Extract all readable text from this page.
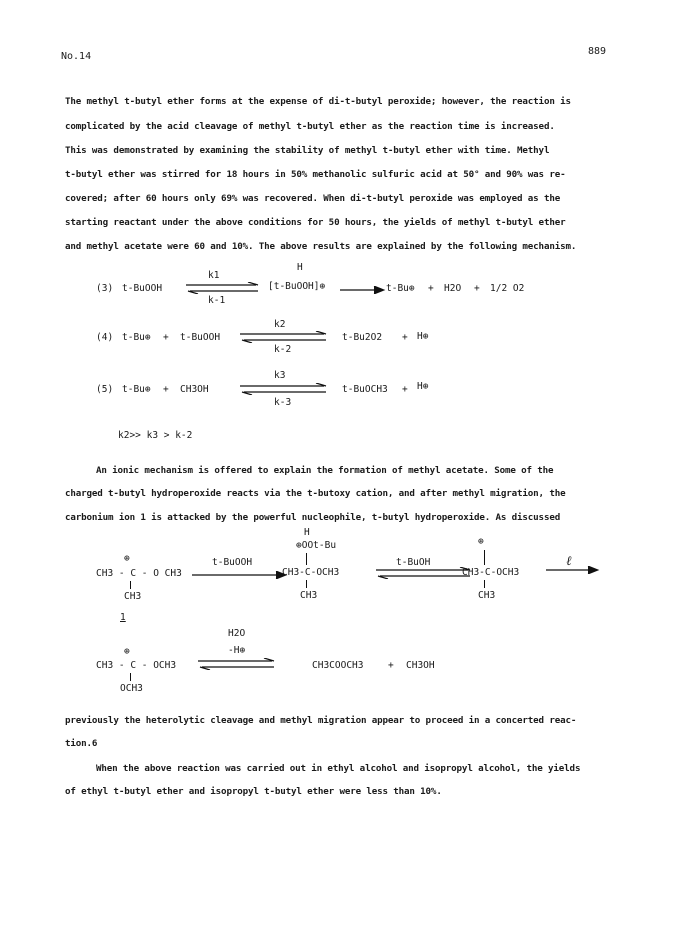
No.14	889
The methyl t-butyl ether forms at the expense of di-t-butyl peroxide; however, the reaction is
complicated by the acid cleavage of methyl t-butyl ether as the reaction time is increased.
This was demonstrated by examining the stability of methyl t-butyl ether with time. Methyl
t-butyl ether was stirred for 18 hours in 50% methanolic sulfuric acid at 50° and 90% was re-
covered; after 60 hours only 69% was recovered. When di-t-butyl peroxide was employed as the
starting reactant under the above conditions for 50 hours, the yields of methyl t-butyl ether
and methyl acetate were 60 and 10%. The above results are explained by the following mechanism.
(3) t-BuOOH
k1
k-1
H
[t-BuOOH]⊕ → t-Bu⊕ + H2O + 1/2 O2
(4) t-Bu⊕ + t-BuOOH
k2
k-2
t-Bu2O2 + H⊕
(5) t-Bu⊕ + CH3OH
k3
k-3
t-BuOCH3 + H⊕
k2>> k3 > k-2
An ionic mechanism is offered to explain the formation of methyl acetate. Some of the
charged t-butyl hydroperoxide reacts via the t-butoxy cation, and after methyl migration, the
carbonium ion 1 is attacked by the powerful nucleophile, t-butyl hydroperoxide. As discussed
⊕
CH3 - C - O CH3
CH3
1
t-BuOOH
H
⊕OOt-Bu
CH3-C-OCH3
CH3
t-BuOH
⊕
CH3-C-OCH3
CH3
ℓ
⊕
CH3 - C - OCH3
OCH3
H2O
-H⊕
CH3COOCH3	+ CH3OH
previously the heterolytic cleavage and methyl migration appear to proceed in a concerted reac-
tion.6
When the above reaction was carried out in ethyl alcohol and isopropyl alcohol, the yields
of ethyl t-butyl ether and isopropyl t-butyl ether were less than 10%.
